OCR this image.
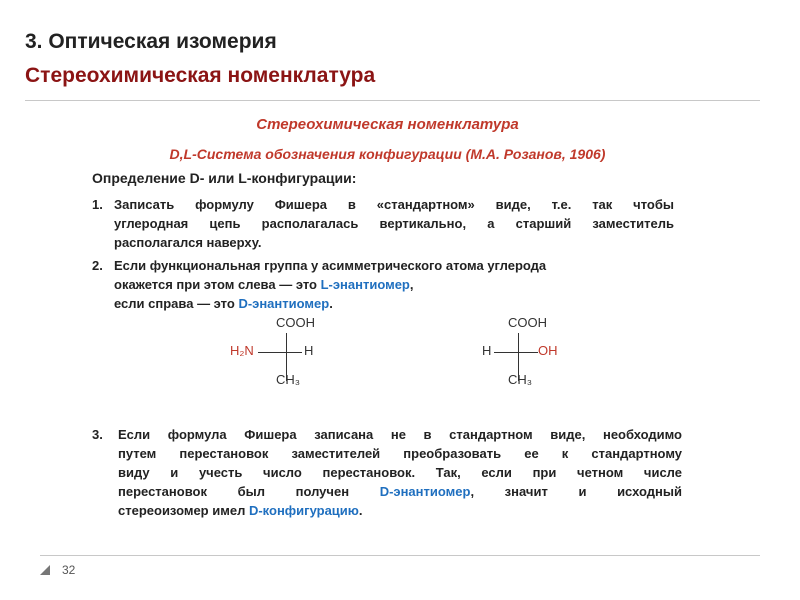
3. Оптическая изомерия
Стереохимическая номенклатура
Стереохимическая номенклатура
D,L-Система обозначения конфигурации (М.А. Розанов, 1906)
Определение D- или L-конфигурации:
1. Записать формулу Фишера в «стандартном» виде, т.е. так чтобы
углеродная цепь располагалась вертикально, а старший заместитель
располагался наверху.
2. Если функциональная группа у асимметрического атома углерода
окажется при этом слева — это L-энантиомер,
если справа — это D-энантиомер.
COOH
H₂N	H
CH₃
COOH
H	OH
CH₃
3. Если формула Фишера записана не в стандартном виде, необходимо
путем перестановок заместителей преобразовать ее к стандартному
виду и учесть число перестановок. Так, если при четном числе
перестановок был получен D-энантиомер, значит и исходный
стереоизомер имел D-конфигурацию.
32
